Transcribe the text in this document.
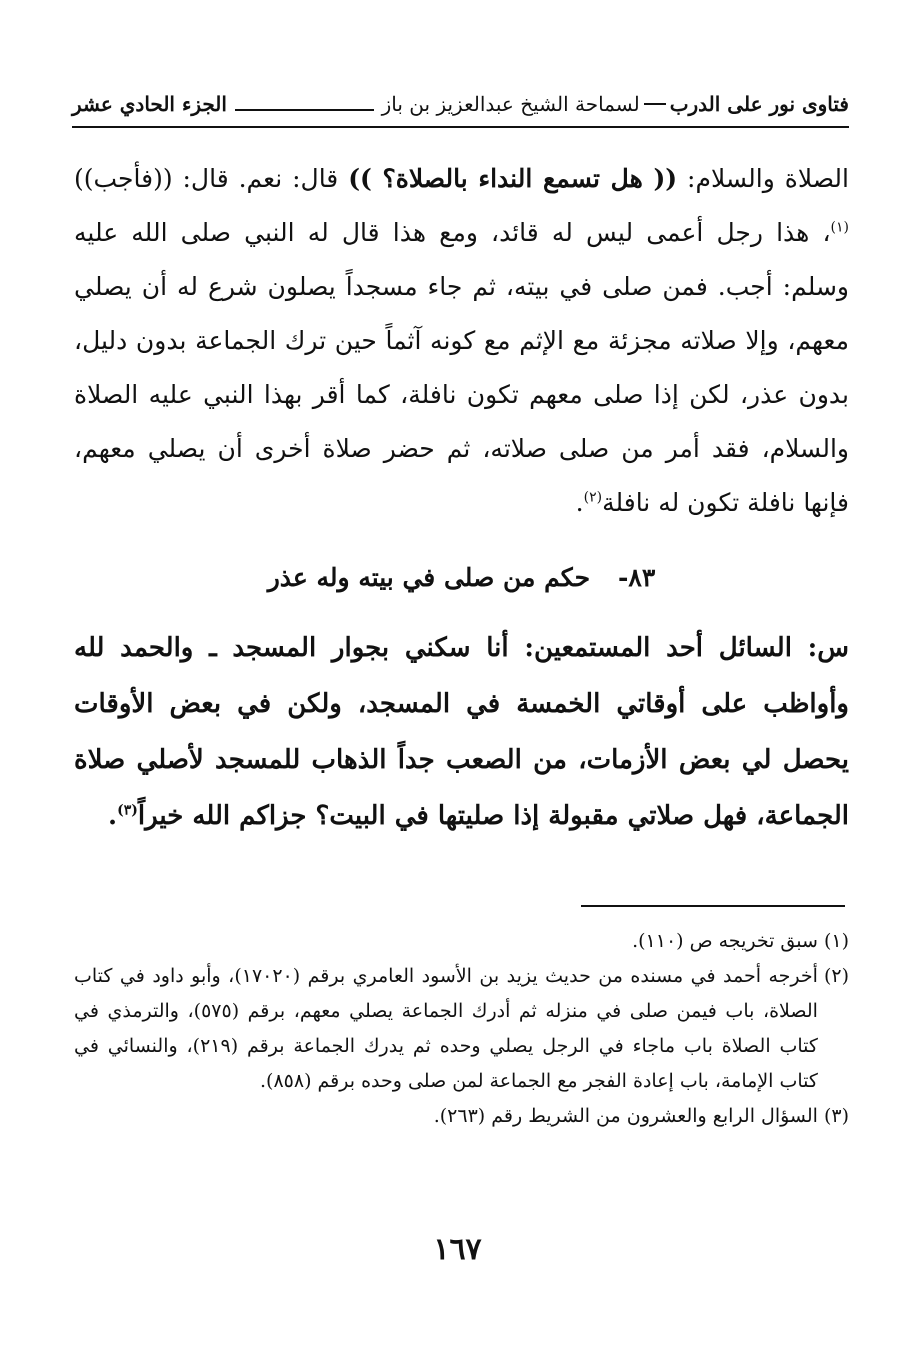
فتاوى نور على الدربلسماحة الشيخ عبدالعزيز بن باز
الجزء الحادي عشر
الصلاة والسلام: (( هل تسمع النداء بالصلاة؟ )) قال: نعم. قال: ((فأجب))$^{(١)}$، هذا رجل أعمى ليس له قائد، ومع هذا قال له النبي صلى الله عليه وسلم: أجب. فمن صلى في بيته، ثم جاء مسجداً يصلون شرع له أن يصلي معهم، وإلا صلاته مجزئة مع الإثم مع كونه آثماً حين ترك الجماعة بدون دليل، بدون عذر، لكن إذا صلى معهم تكون نافلة، كما أقر بهذا النبي عليه الصلاة والسلام، فقد أمر من صلى صلاته، ثم حضر صلاة أخرى أن يصلي معهم، فإنها نافلة تكون له نافلة$^{(٢)}$.
٨٣-حكم من صلى في بيته وله عذر
س: السائل أحد المستمعين: أنا سكني بجوار المسجد ـ والحمد لله وأواظب على أوقاتي الخمسة في المسجد، ولكن في بعض الأوقات يحصل لي بعض الأزمات، من الصعب جداً الذهاب للمسجد لأصلي صلاة الجماعة، فهل صلاتي مقبولة إذا صليتها في البيت؟ جزاكم الله خيراً$^{(٣)}$.
(١)
سبق تخريجه ص (١١٠).
(٢)
أخرجه أحمد في مسنده من حديث يزيد بن الأسود العامري برقم (١٧٠٢٠)، وأبو داود في كتاب الصلاة، باب فيمن صلى في منزله ثم أدرك الجماعة يصلي معهم، برقم (٥٧٥)، والترمذي في كتاب الصلاة باب ماجاء في الرجل يصلي وحده ثم يدرك الجماعة برقم (٢١٩)، والنسائي في كتاب الإمامة، باب إعادة الفجر مع الجماعة لمن صلى وحده برقم (٨٥٨).
(٣)
السؤال الرابع والعشرون من الشريط رقم (٢٦٣).
١٦٧
